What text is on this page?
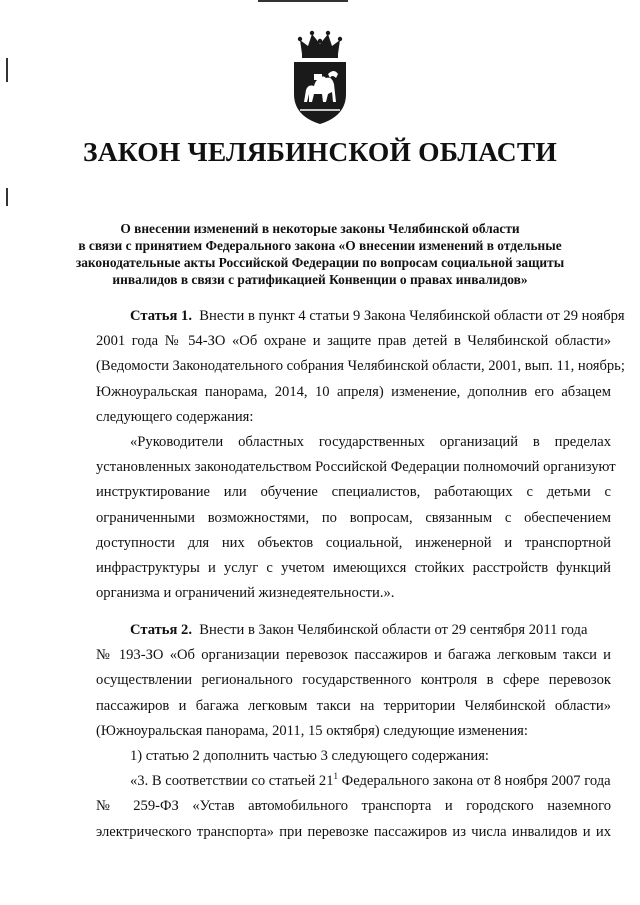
ЗАКОН ЧЕЛЯБИНСКОЙ ОБЛАСТИ
О внесении изменений в некоторые законы Челябинской области
в связи с принятием Федерального закона «О внесении изменений в отдельные
законодательные акты Российской Федерации по вопросам социальной защиты
инвалидов в связи с ратификацией Конвенции о правах инвалидов»
Статья 1. Внести в пункт 4 статьи 9 Закона Челябинской области от 29 ноября
2001 года № 54-ЗО «Об охране и защите прав детей в Челябинской области»
(Ведомости Законодательного собрания Челябинской области, 2001, вып. 11, ноябрь;
Южноуральская панорама, 2014, 10 апреля) изменение, дополнив его абзацем
следующего содержания:
«Руководители областных государственных организаций в пределах
установленных законодательством Российской Федерации полномочий организуют
инструктирование или обучение специалистов, работающих с детьми с
ограниченными возможностями, по вопросам, связанным с обеспечением
доступности для них объектов социальной, инженерной и транспортной
инфраструктуры и услуг с учетом имеющихся стойких расстройств функций
организма и ограничений жизнедеятельности.».
Статья 2. Внести в Закон Челябинской области от 29 сентября 2011 года
№ 193-ЗО «Об организации перевозок пассажиров и багажа легковым такси и
осуществлении регионального государственного контроля в сфере перевозок
пассажиров и багажа легковым такси на территории Челябинской области»
(Южноуральская панорама, 2011, 15 октября) следующие изменения:
1) статью 2 дополнить частью 3 следующего содержания:
«3. В соответствии со статьей $21^1$ Федерального закона от 8 ноября 2007 года
№ 259-ФЗ «Устав автомобильного транспорта и городского наземного
электрического транспорта» при перевозке пассажиров из числа инвалидов и их
